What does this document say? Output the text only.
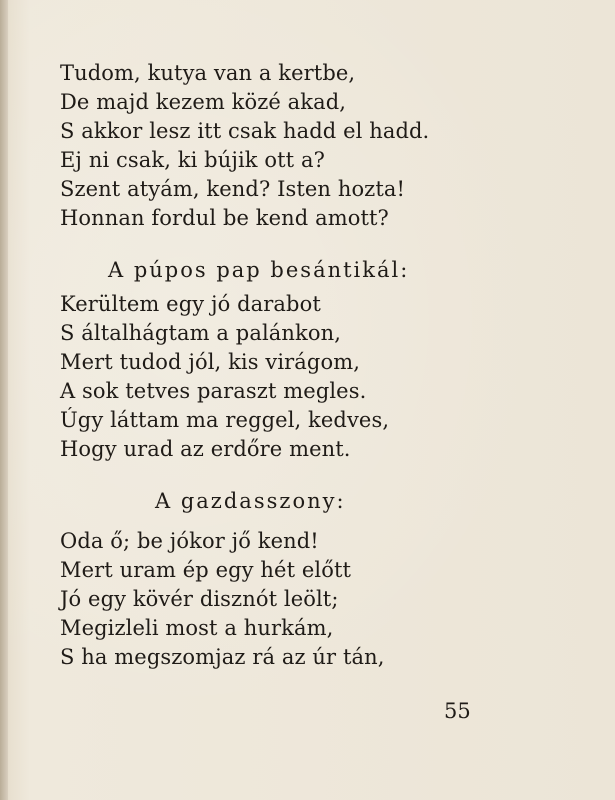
Tudom, kutya van a kertbe,
De majd kezem közé akad,
S akkor lesz itt csak hadd el hadd.
Ej ni csak, ki bújik ott a?
Szent atyám, kend? Isten hozta!
Honnan fordul be kend amott?
A púpos pap besántikál:
Kerültem egy jó darabot
S általhágtam a palánkon,
Mert tudod jól, kis virágom,
A sok tetves paraszt megles.
Úgy láttam ma reggel, kedves,
Hogy urad az erdőre ment.
A gazdasszony:
Oda ő; be jókor jő kend!
Mert uram ép egy hét előtt
Jó egy kövér disznót leölt;
Megizleli most a hurkám,
S ha megszomjaz rá az úr tán,
55
